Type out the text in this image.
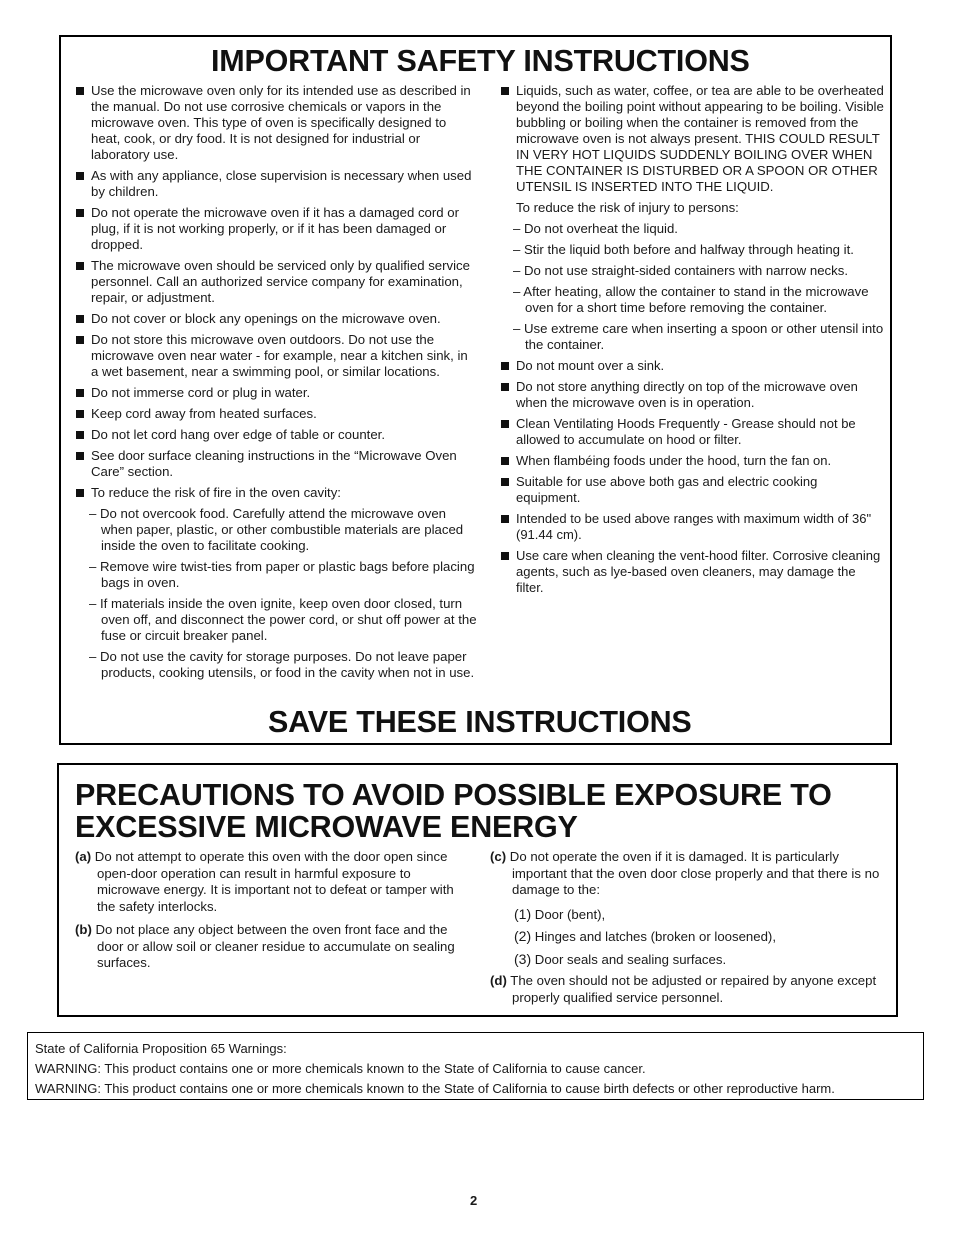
IMPORTANT SAFETY INSTRUCTIONS
Use the microwave oven only for its intended use as described in the manual. Do not use corrosive chemicals or vapors in the microwave oven. This type of oven is specifically designed to heat, cook, or dry food. It is not designed for industrial or laboratory use.
As with any appliance, close supervision is necessary when used by children.
Do not operate the microwave oven if it has a damaged cord or plug, if it is not working properly, or if it has been damaged or dropped.
The microwave oven should be serviced only by qualified service personnel. Call an authorized service company for examination, repair, or adjustment.
Do not cover or block any openings on the microwave oven.
Do not store this microwave oven outdoors. Do not use the microwave oven near water - for example, near a kitchen sink, in a wet basement, near a swimming pool, or similar locations.
Do not immerse cord or plug in water.
Keep cord away from heated surfaces.
Do not let cord hang over edge of table or counter.
See door surface cleaning instructions in the “Microwave Oven Care” section.
To reduce the risk of fire in the oven cavity:

– Do not overcook food. Carefully attend the microwave oven when paper, plastic, or other combustible materials are placed inside the oven to facilitate cooking.

– Remove wire twist-ties from paper or plastic bags before placing bags in oven.

– If materials inside the oven ignite, keep oven door closed, turn oven off, and disconnect the power cord, or shut off power at the fuse or circuit breaker panel.

– Do not use the cavity for storage purposes. Do not leave paper products, cooking utensils, or food in the cavity when not in use.

Liquids, such as water, coffee, or tea are able to be overheated beyond the boiling point without appearing to be boiling. Visible bubbling or boiling when the container is removed from the microwave oven is not always present. THIS COULD RESULT IN VERY HOT LIQUIDS SUDDENLY BOILING OVER WHEN THE CONTAINER IS DISTURBED OR A SPOON OR OTHER UTENSIL IS INSERTED INTO THE LIQUID.

To reduce the risk of injury to persons:

– Do not overheat the liquid.

– Stir the liquid both before and halfway through heating it.

– Do not use straight-sided containers with narrow necks.

– After heating, allow the container to stand in the microwave oven for a short time before removing the container.

– Use extreme care when inserting a spoon or other utensil into the container.

Do not mount over a sink.
Do not store anything directly on top of the microwave oven when the microwave oven is in operation.
Clean Ventilating Hoods Frequently - Grease should not be allowed to accumulate on hood or filter.
When flambéing foods under the hood, turn the fan on.
Suitable for use above both gas and electric cooking equipment.
Intended to be used above ranges with maximum width of 36" (91.44 cm).
Use care when cleaning the vent-hood filter. Corrosive cleaning agents, such as lye-based oven cleaners, may damage the filter.
SAVE THESE INSTRUCTIONS
PRECAUTIONS TO AVOID POSSIBLE EXPOSURE TO EXCESSIVE MICROWAVE ENERGY

(a) Do not attempt to operate this oven with the door open since open-door operation can result in harmful exposure to microwave energy. It is important not to defeat or tamper with the safety interlocks.

(b) Do not place any object between the oven front face and the door or allow soil or cleaner residue to accumulate on sealing surfaces.

(c) Do not operate the oven if it is damaged. It is particularly important that the oven door close properly and that there is no damage to the:

(1) Door (bent),
(2) Hinges and latches (broken or loosened),
(3) Door seals and sealing surfaces.

(d) The oven should not be adjusted or repaired by anyone except properly qualified service personnel.

State of California Proposition 65 Warnings:

WARNING: This product contains one or more chemicals known to the State of California to cause cancer.

WARNING: This product contains one or more chemicals known to the State of California to cause birth defects or other reproductive harm.

2
